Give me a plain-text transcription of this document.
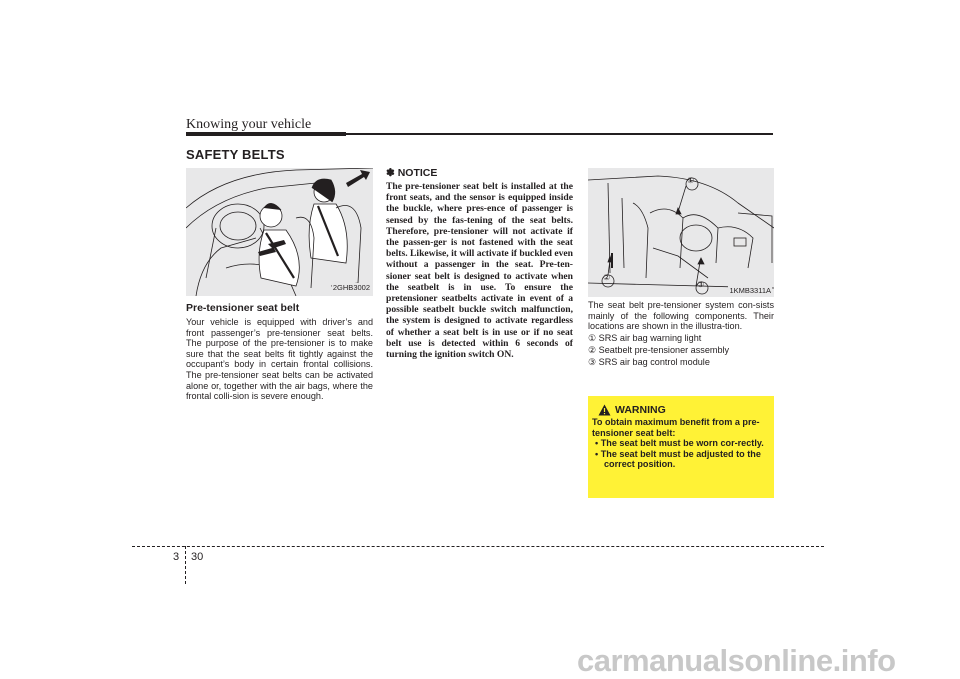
Knowing your vehicle
SAFETY BELTS
2GHB3002
Pre-tensioner seat belt
Your vehicle is equipped with driver’s and front passenger’s pre-tensioner seat belts. The purpose of the pre-tensioner is to make sure that the seat belts fit tightly against the occupant’s body in certain frontal collisions. The pre-tensioner seat belts can be activated alone or, together with the air bags, where the frontal colli-sion is severe enough.
✽ NOTICE
The pre-tensioner seat belt is installed at the front seats, and the sensor is equipped inside the buckle, where pres-ence of passenger is sensed by the fas-tening of the seat belts. Therefore, pre-tensioner will not activate if the passen-ger is not fastened with the seat belts. Likewise, it will activate if buckled even without a passenger in the seat. Pre-ten-sioner seat belt is designed to activate when the seatbelt is in use. To ensure the pretensioner seatbelts activate in event of a possible seatbelt buckle switch malfunction, the system is designed to activate regardless of whether a seat belt is in use or if no seat belt use is detected within 6 seconds of turning the ignition switch ON.
①
②
③
1KMB3311A
The seat belt pre-tensioner system con-sists mainly of the following components. Their locations are shown in the illustra-tion.
① SRS air bag warning light
② Seatbelt pre-tensioner assembly
③ SRS air bag control module
WARNING
To obtain maximum benefit from a pre-tensioner seat belt:
• The seat belt must be worn cor-rectly.
• The seat belt must be adjusted to the correct position.
3 30
carmanualsonline.info
